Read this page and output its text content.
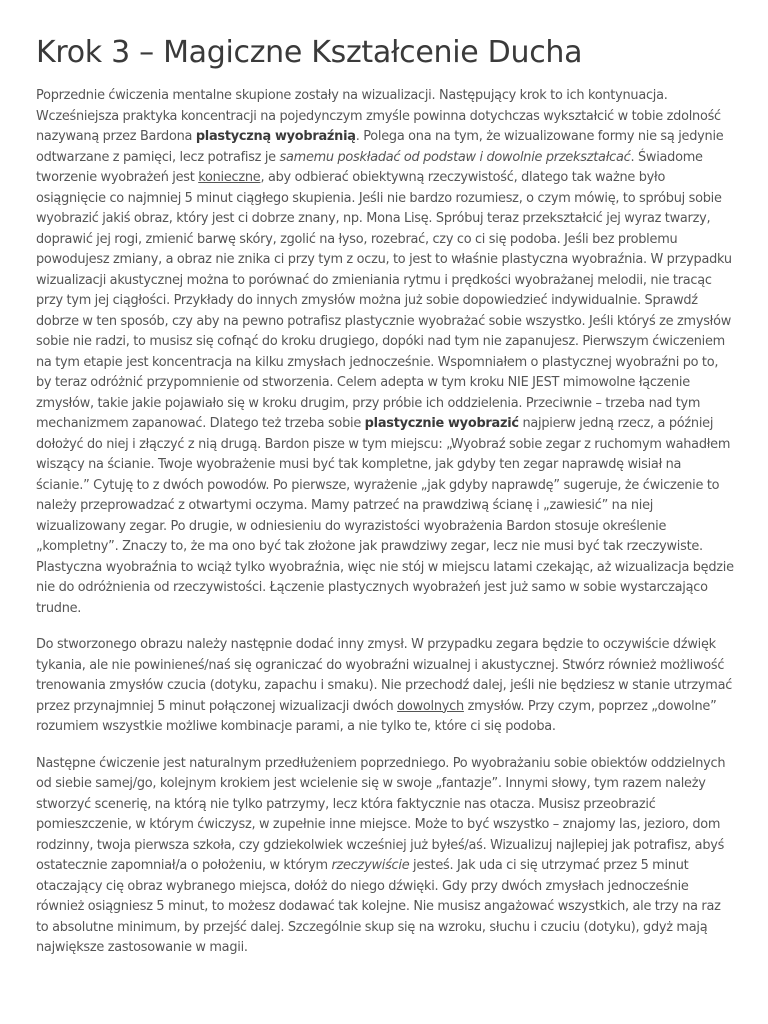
Krok 3 – Magiczne Kształcenie Ducha

Poprzednie ćwiczenia mentalne skupione zostały na wizualizacji. Następujący krok to ich kontynuacja. Wcześniejsza praktyka koncentracji na pojedynczym zmyśle powinna dotychczas wykształcić w tobie zdolność nazywaną przez Bardona plastyczną wyobraźnią. Polega ona na tym, że wizualizowane formy nie są jedynie odtwarzane z pamięci, lecz potrafisz je samemu poskładać od podstaw i dowolnie przekształcać. Świadome tworzenie wyobrażeń jest konieczne, aby odbierać obiektywną rzeczywistość, dlatego tak ważne było osiągnięcie co najmniej 5 minut ciągłego skupienia. Jeśli nie bardzo rozumiesz, o czym mówię, to spróbuj sobie wyobrazić jakiś obraz, który jest ci dobrze znany, np. Mona Lisę. Spróbuj teraz przekształcić jej wyraz twarzy, doprawić jej rogi, zmienić barwę skóry, zgolić na łyso, rozebrać, czy co ci się podoba. Jeśli bez problemu powodujesz zmiany, a obraz nie znika ci przy tym z oczu, to jest to właśnie plastyczna wyobraźnia. W przypadku wizualizacji akustycznej można to porównać do zmieniania rytmu i prędkości wyobrażanej melodii, nie tracąc przy tym jej ciągłości. Przykłady do innych zmysłów można już sobie dopowiedzieć indywidualnie. Sprawdź dobrze w ten sposób, czy aby na pewno potrafisz plastycznie wyobrażać sobie wszystko. Jeśli któryś ze zmysłów sobie nie radzi, to musisz się cofnąć do kroku drugiego, dopóki nad tym nie zapanujesz. Pierwszym ćwiczeniem na tym etapie jest koncentracja na kilku zmysłach jednocześnie. Wspomniałem o plastycznej wyobraźni po to, by teraz odróżnić przypomnienie od stworzenia. Celem adepta w tym kroku NIE JEST mimowolne łączenie zmysłów, takie jakie pojawiało się w kroku drugim, przy próbie ich oddzielenia. Przeciwnie – trzeba nad tym mechanizmem zapanować. Dlatego też trzeba sobie plastycznie wyobrazić najpierw jedną rzecz, a później dołożyć do niej i złączyć z nią drugą. Bardon pisze w tym miejscu: „Wyobraź sobie zegar z ruchomym wahadłem wiszący na ścianie. Twoje wyobrażenie musi być tak kompletne, jak gdyby ten zegar naprawdę wisiał na ścianie.” Cytuję to z dwóch powodów. Po pierwsze, wyrażenie „jak gdyby naprawdę” sugeruje, że ćwiczenie to należy przeprowadzać z otwartymi oczyma. Mamy patrzeć na prawdziwą ścianę i „zawiesić” na niej wizualizowany zegar. Po drugie, w odniesieniu do wyrazistości wyobrażenia Bardon stosuje określenie „kompletny”. Znaczy to, że ma ono być tak złożone jak prawdziwy zegar, lecz nie musi być tak rzeczywiste. Plastyczna wyobraźnia to wciąż tylko wyobraźnia, więc nie stój w miejscu latami czekając, aż wizualizacja będzie nie do odróżnienia od rzeczywistości. Łączenie plastycznych wyobrażeń jest już samo w sobie wystarczająco trudne.

Do stworzonego obrazu należy następnie dodać inny zmysł. W przypadku zegara będzie to oczywiście dźwięk tykania, ale nie powinieneś/naś się ograniczać do wyobraźni wizualnej i akustycznej. Stwórz również możliwość trenowania zmysłów czucia (dotyku, zapachu i smaku). Nie przechodź dalej, jeśli nie będziesz w stanie utrzymać przez przynajmniej 5 minut połączonej wizualizacji dwóch dowolnych zmysłów. Przy czym, poprzez „dowolne” rozumiem wszystkie możliwe kombinacje parami, a nie tylko te, które ci się podoba.

Następne ćwiczenie jest naturalnym przedłużeniem poprzedniego. Po wyobrażaniu sobie obiektów oddzielnych od siebie samej/go, kolejnym krokiem jest wcielenie się w swoje „fantazje”. Innymi słowy, tym razem należy stworzyć scenerię, na którą nie tylko patrzymy, lecz która faktycznie nas otacza. Musisz przeobrazić pomieszczenie, w którym ćwiczysz, w zupełnie inne miejsce. Może to być wszystko – znajomy las, jezioro, dom rodzinny, twoja pierwsza szkoła, czy gdziekolwiek wcześniej już byłeś/aś. Wizualizuj najlepiej jak potrafisz, abyś ostatecznie zapomniał/a o położeniu, w którym rzeczywiście jesteś. Jak uda ci się utrzymać przez 5 minut otaczający cię obraz wybranego miejsca, dołóż do niego dźwięki. Gdy przy dwóch zmysłach jednocześnie również osiągniesz 5 minut, to możesz dodawać tak kolejne. Nie musisz angażować wszystkich, ale trzy na raz to absolutne minimum, by przejść dalej. Szczególnie skup się na wzroku, słuchu i czuciu (dotyku), gdyż mają największe zastosowanie w magii.
